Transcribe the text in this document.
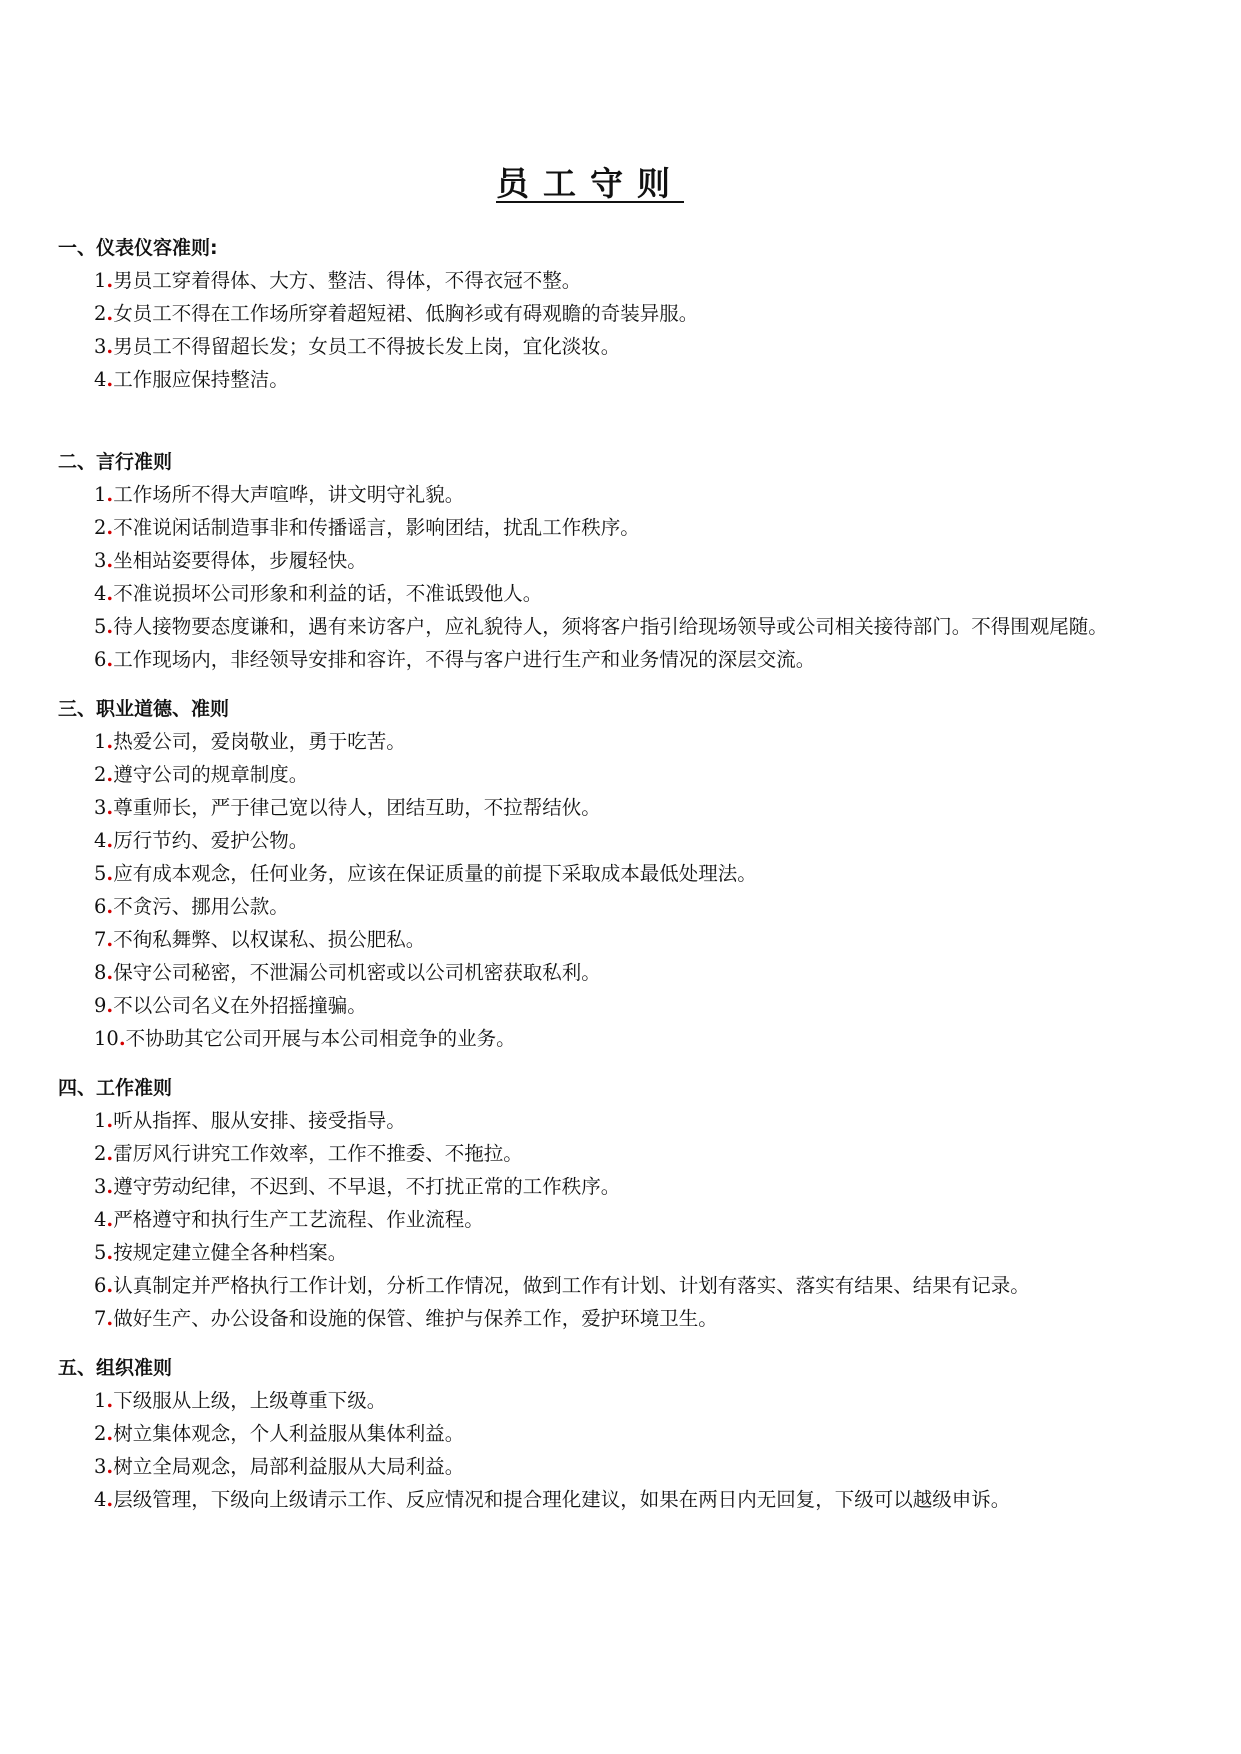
员工守则

一、仪表仪容准则:

1.男员工穿着得体、大方、整洁、得体，不得衣冠不整。

2.女员工不得在工作场所穿着超短裙、低胸衫或有碍观瞻的奇装异服。

3.男员工不得留超长发；女员工不得披长发上岗，宜化淡妆。

4.工作服应保持整洁。

二、言行准则

1.工作场所不得大声喧哗，讲文明守礼貌。

2.不准说闲话制造事非和传播谣言，影响团结，扰乱工作秩序。

3.坐相站姿要得体，步履轻快。

4.不准说损坏公司形象和利益的话，不准诋毁他人。

5.待人接物要态度谦和，遇有来访客户，应礼貌待人，须将客户指引给现场领导或公司相关接待部门。不得围观尾随。

6.工作现场内，非经领导安排和容许，不得与客户进行生产和业务情况的深层交流。

三、职业道德、准则

1.热爱公司，爱岗敬业，勇于吃苦。

2.遵守公司的规章制度。

3.尊重师长，严于律己宽以待人，团结互助，不拉帮结伙。

4.厉行节约、爱护公物。

5.应有成本观念，任何业务，应该在保证质量的前提下采取成本最低处理法。

6.不贪污、挪用公款。

7.不徇私舞弊、以权谋私、损公肥私。

8.保守公司秘密，不泄漏公司机密或以公司机密获取私利。

9.不以公司名义在外招摇撞骗。

10.不协助其它公司开展与本公司相竞争的业务。

四、工作准则

1.听从指挥、服从安排、接受指导。

2.雷厉风行讲究工作效率，工作不推委、不拖拉。

3.遵守劳动纪律，不迟到、不早退，不打扰正常的工作秩序。

4.严格遵守和执行生产工艺流程、作业流程。

5.按规定建立健全各种档案。

6.认真制定并严格执行工作计划，分析工作情况，做到工作有计划、计划有落实、落实有结果、结果有记录。

7.做好生产、办公设备和设施的保管、维护与保养工作，爱护环境卫生。

五、组织准则

1.下级服从上级，上级尊重下级。

2.树立集体观念，个人利益服从集体利益。

3.树立全局观念，局部利益服从大局利益。

4.层级管理，下级向上级请示工作、反应情况和提合理化建议，如果在两日内无回复，下级可以越级申诉。
